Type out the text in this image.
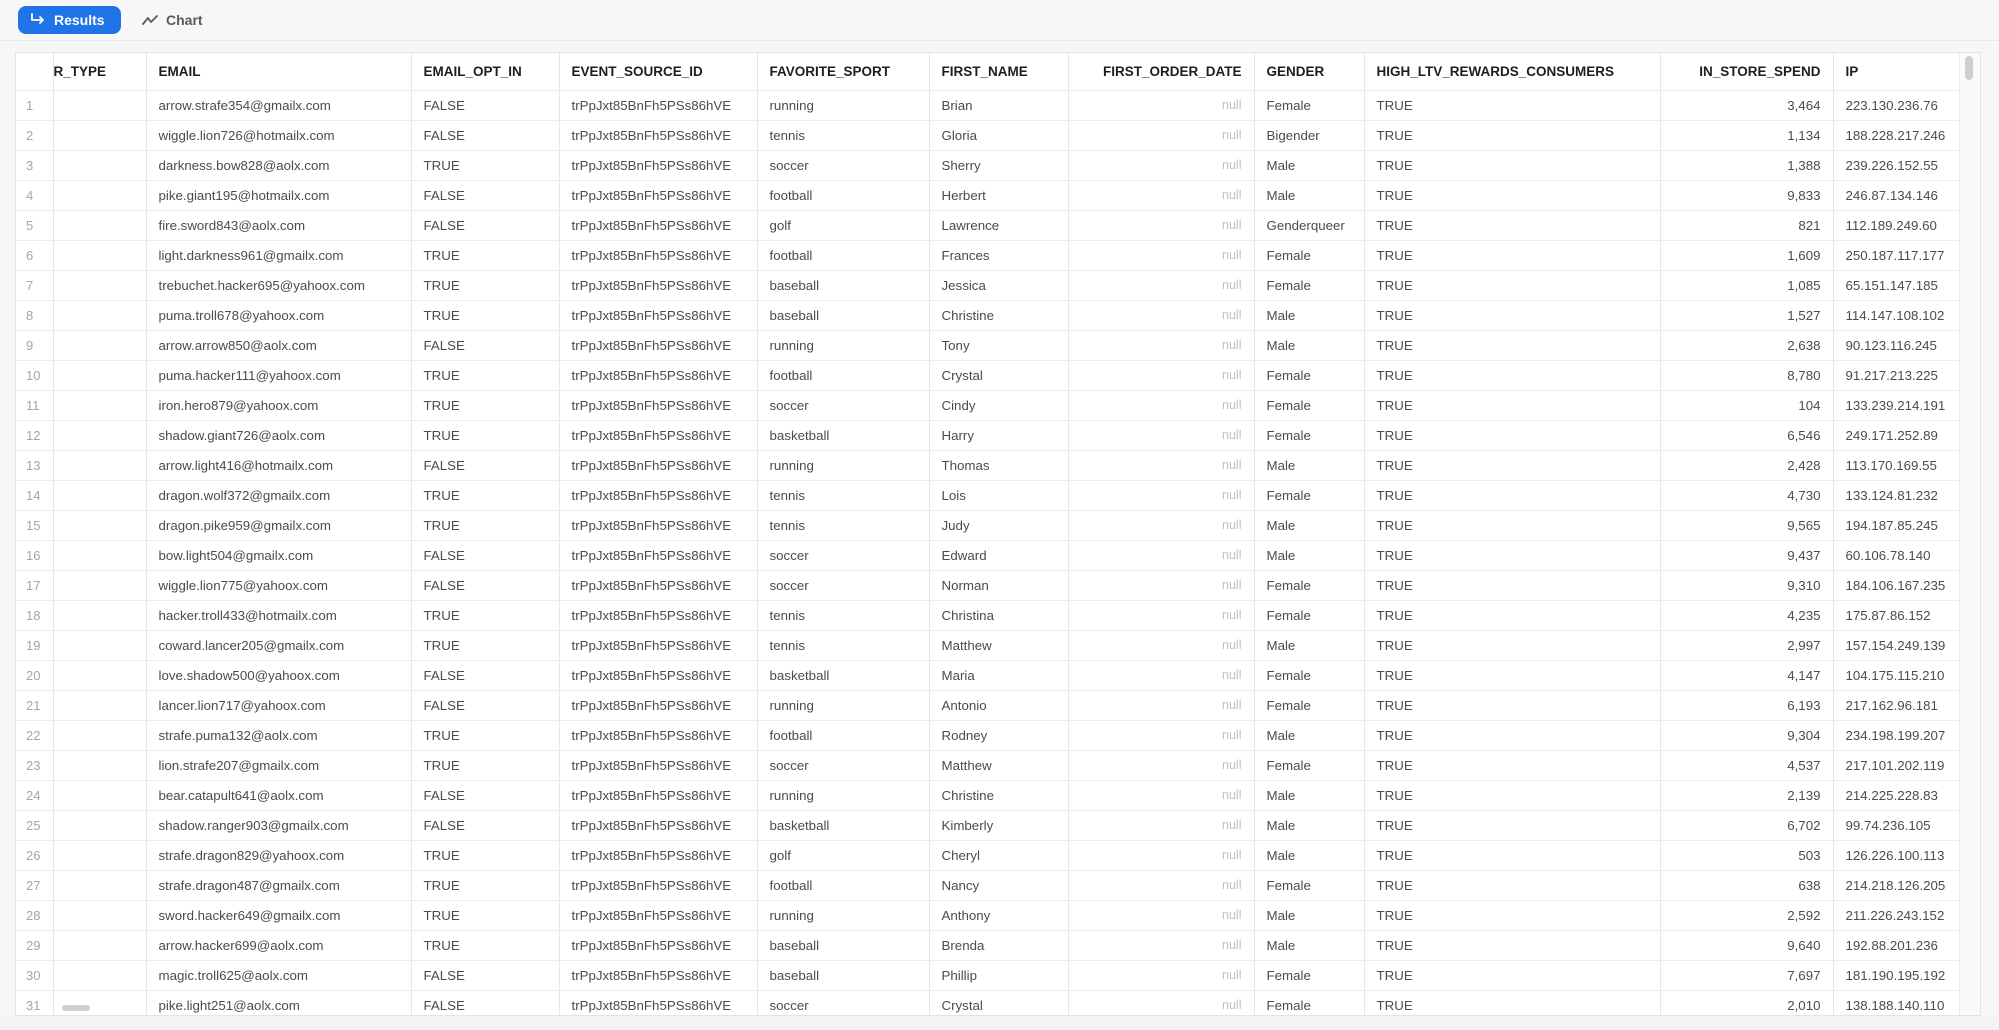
Results	Chart
	R_TYPE	EMAIL	EMAIL_OPT_IN	EVENT_SOURCE_ID	FAVORITE_SPORT	FIRST_NAME	FIRST_ORDER_DATE	GENDER	HIGH_LTV_REWARDS_CONSUMERS	IN_STORE_SPEND	IP
1		arrow.strafe354@gmailx.com	FALSE	trPpJxt85BnFh5PSs86hVE	running	Brian	null	Female	TRUE	3,464	223.130.236.76
2		wiggle.lion726@hotmailx.com	FALSE	trPpJxt85BnFh5PSs86hVE	tennis	Gloria	null	Bigender	TRUE	1,134	188.228.217.246
3		darkness.bow828@aolx.com	TRUE	trPpJxt85BnFh5PSs86hVE	soccer	Sherry	null	Male	TRUE	1,388	239.226.152.55
4		pike.giant195@hotmailx.com	FALSE	trPpJxt85BnFh5PSs86hVE	football	Herbert	null	Male	TRUE	9,833	246.87.134.146
5		fire.sword843@aolx.com	FALSE	trPpJxt85BnFh5PSs86hVE	golf	Lawrence	null	Genderqueer	TRUE	821	112.189.249.60
6		light.darkness961@gmailx.com	TRUE	trPpJxt85BnFh5PSs86hVE	football	Frances	null	Female	TRUE	1,609	250.187.117.177
7		trebuchet.hacker695@yahoox.com	TRUE	trPpJxt85BnFh5PSs86hVE	baseball	Jessica	null	Female	TRUE	1,085	65.151.147.185
8		puma.troll678@yahoox.com	TRUE	trPpJxt85BnFh5PSs86hVE	baseball	Christine	null	Male	TRUE	1,527	114.147.108.102
9		arrow.arrow850@aolx.com	FALSE	trPpJxt85BnFh5PSs86hVE	running	Tony	null	Male	TRUE	2,638	90.123.116.245
10		puma.hacker111@yahoox.com	TRUE	trPpJxt85BnFh5PSs86hVE	football	Crystal	null	Female	TRUE	8,780	91.217.213.225
11		iron.hero879@yahoox.com	TRUE	trPpJxt85BnFh5PSs86hVE	soccer	Cindy	null	Female	TRUE	104	133.239.214.191
12		shadow.giant726@aolx.com	TRUE	trPpJxt85BnFh5PSs86hVE	basketball	Harry	null	Female	TRUE	6,546	249.171.252.89
13		arrow.light416@hotmailx.com	FALSE	trPpJxt85BnFh5PSs86hVE	running	Thomas	null	Male	TRUE	2,428	113.170.169.55
14		dragon.wolf372@gmailx.com	TRUE	trPpJxt85BnFh5PSs86hVE	tennis	Lois	null	Female	TRUE	4,730	133.124.81.232
15		dragon.pike959@gmailx.com	TRUE	trPpJxt85BnFh5PSs86hVE	tennis	Judy	null	Male	TRUE	9,565	194.187.85.245
16		bow.light504@gmailx.com	FALSE	trPpJxt85BnFh5PSs86hVE	soccer	Edward	null	Male	TRUE	9,437	60.106.78.140
17		wiggle.lion775@yahoox.com	FALSE	trPpJxt85BnFh5PSs86hVE	soccer	Norman	null	Female	TRUE	9,310	184.106.167.235
18		hacker.troll433@hotmailx.com	TRUE	trPpJxt85BnFh5PSs86hVE	tennis	Christina	null	Female	TRUE	4,235	175.87.86.152
19		coward.lancer205@gmailx.com	TRUE	trPpJxt85BnFh5PSs86hVE	tennis	Matthew	null	Male	TRUE	2,997	157.154.249.139
20		love.shadow500@yahoox.com	FALSE	trPpJxt85BnFh5PSs86hVE	basketball	Maria	null	Female	TRUE	4,147	104.175.115.210
21		lancer.lion717@yahoox.com	FALSE	trPpJxt85BnFh5PSs86hVE	running	Antonio	null	Female	TRUE	6,193	217.162.96.181
22		strafe.puma132@aolx.com	TRUE	trPpJxt85BnFh5PSs86hVE	football	Rodney	null	Male	TRUE	9,304	234.198.199.207
23		lion.strafe207@gmailx.com	TRUE	trPpJxt85BnFh5PSs86hVE	soccer	Matthew	null	Female	TRUE	4,537	217.101.202.119
24		bear.catapult641@aolx.com	FALSE	trPpJxt85BnFh5PSs86hVE	running	Christine	null	Male	TRUE	2,139	214.225.228.83
25		shadow.ranger903@gmailx.com	FALSE	trPpJxt85BnFh5PSs86hVE	basketball	Kimberly	null	Male	TRUE	6,702	99.74.236.105
26		strafe.dragon829@yahoox.com	TRUE	trPpJxt85BnFh5PSs86hVE	golf	Cheryl	null	Male	TRUE	503	126.226.100.113
27		strafe.dragon487@gmailx.com	TRUE	trPpJxt85BnFh5PSs86hVE	football	Nancy	null	Female	TRUE	638	214.218.126.205
28		sword.hacker649@gmailx.com	TRUE	trPpJxt85BnFh5PSs86hVE	running	Anthony	null	Male	TRUE	2,592	211.226.243.152
29		arrow.hacker699@aolx.com	TRUE	trPpJxt85BnFh5PSs86hVE	baseball	Brenda	null	Male	TRUE	9,640	192.88.201.236
30		magic.troll625@aolx.com	FALSE	trPpJxt85BnFh5PSs86hVE	baseball	Phillip	null	Female	TRUE	7,697	181.190.195.192
31		pike.light251@aolx.com	FALSE	trPpJxt85BnFh5PSs86hVE	soccer	Crystal	null	Female	TRUE	2,010	138.188.140.110
